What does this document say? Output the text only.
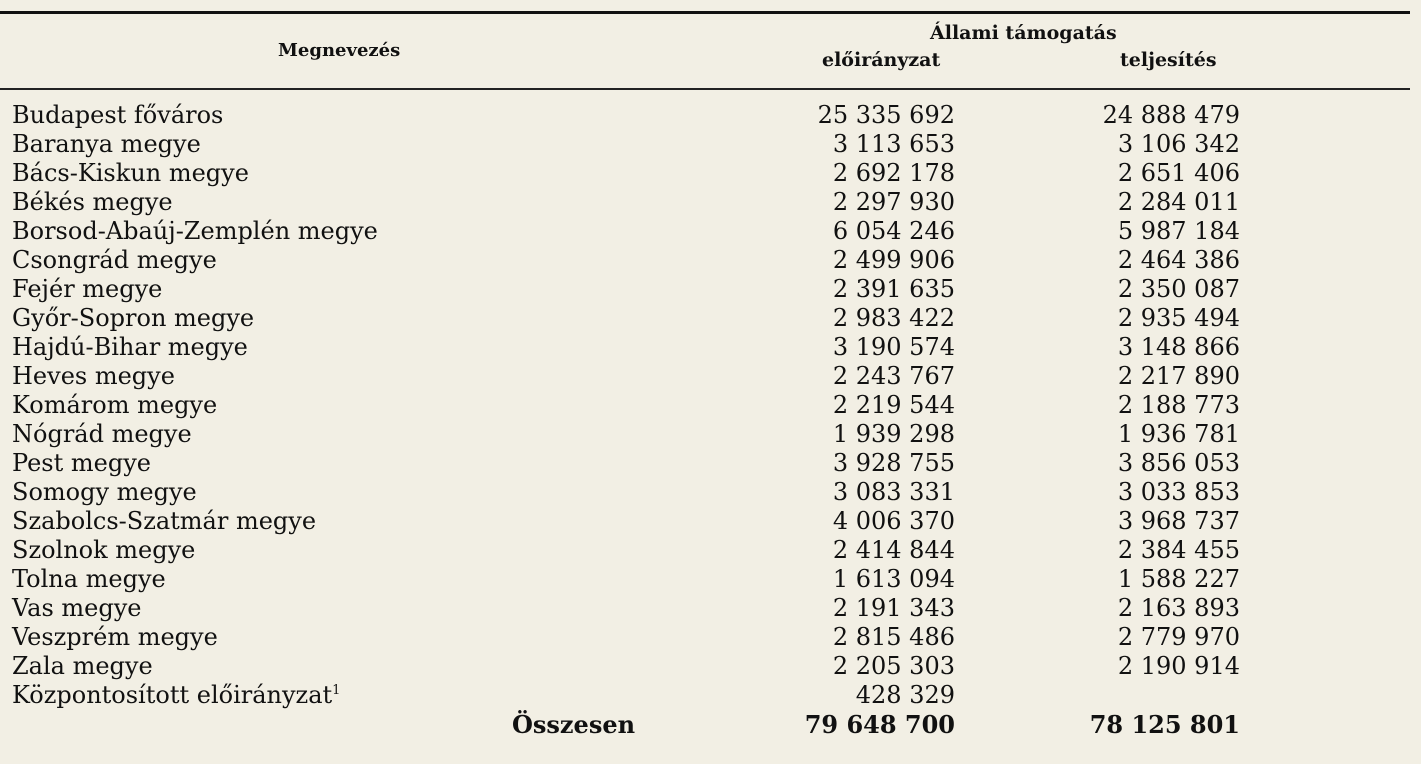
Megnevezés
Állami támogatás
előirányzat	teljesítés
Budapest főváros	25 335 692	24 888 479
Baranya megye	3 113 653	3 106 342
Bács-Kiskun megye	2 692 178	2 651 406
Békés megye	2 297 930	2 284 011
Borsod-Abaúj-Zemplén megye	6 054 246	5 987 184
Csongrád megye	2 499 906	2 464 386
Fejér megye	2 391 635	2 350 087
Győr-Sopron megye	2 983 422	2 935 494
Hajdú-Bihar megye	3 190 574	3 148 866
Heves megye	2 243 767	2 217 890
Komárom megye	2 219 544	2 188 773
Nógrád megye	1 939 298	1 936 781
Pest megye	3 928 755	3 856 053
Somogy megye	3 083 331	3 033 853
Szabolcs-Szatmár megye	4 006 370	3 968 737
Szolnok megye	2 414 844	2 384 455
Tolna megye	1 613 094	1 588 227
Vas megye	2 191 343	2 163 893
Veszprém megye	2 815 486	2 779 970
Zala megye	2 205 303	2 190 914
Központosított előirányzat$^1$	428 329
Összesen	79 648 700	78 125 801
